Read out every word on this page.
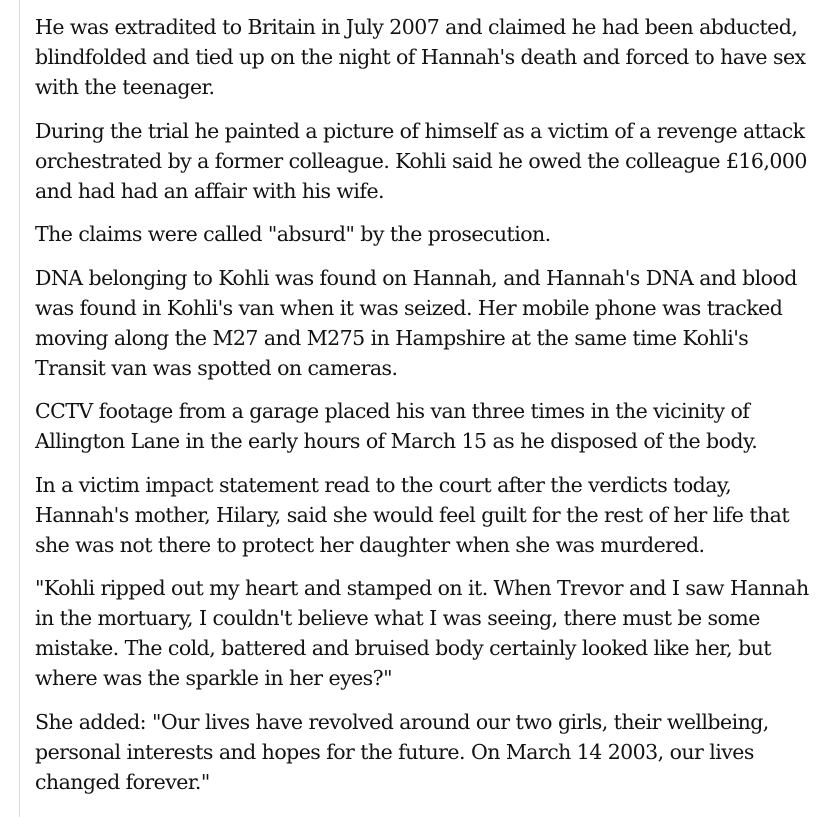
He was extradited to Britain in July 2007 and claimed he had been abducted, blindfolded and tied up on the night of Hannah's death and forced to have sex with the teenager.

During the trial he painted a picture of himself as a victim of a revenge attack orchestrated by a former colleague. Kohli said he owed the colleague £16,000 and had had an affair with his wife.

The claims were called "absurd" by the prosecution.

DNA belonging to Kohli was found on Hannah, and Hannah's DNA and blood was found in Kohli's van when it was seized. Her mobile phone was tracked moving along the M27 and M275 in Hampshire at the same time Kohli's Transit van was spotted on cameras.

CCTV footage from a garage placed his van three times in the vicinity of Allington Lane in the early hours of March 15 as he disposed of the body.

In a victim impact statement read to the court after the verdicts today, Hannah's mother, Hilary, said she would feel guilt for the rest of her life that she was not there to protect her daughter when she was murdered.

"Kohli ripped out my heart and stamped on it. When Trevor and I saw Hannah in the mortuary, I couldn't believe what I was seeing, there must be some mistake. The cold, battered and bruised body certainly looked like her, but where was the sparkle in her eyes?"

She added: "Our lives have revolved around our two girls, their wellbeing, personal interests and hopes for the future. On March 14 2003, our lives changed forever."
